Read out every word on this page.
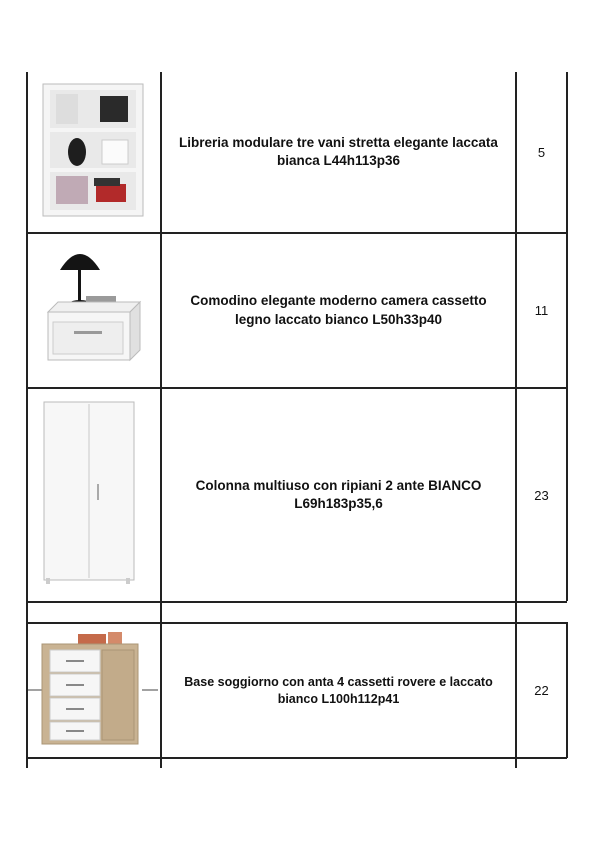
Libreria modulare tre vani stretta elegante laccata bianca L44h113p36
5
Comodino elegante moderno camera cassetto legno laccato bianco L50h33p40
11
Colonna multiuso con ripiani 2 ante BIANCO L69h183p35,6
23
Base soggiorno con anta 4 cassetti rovere e laccato bianco L100h112p41
22
